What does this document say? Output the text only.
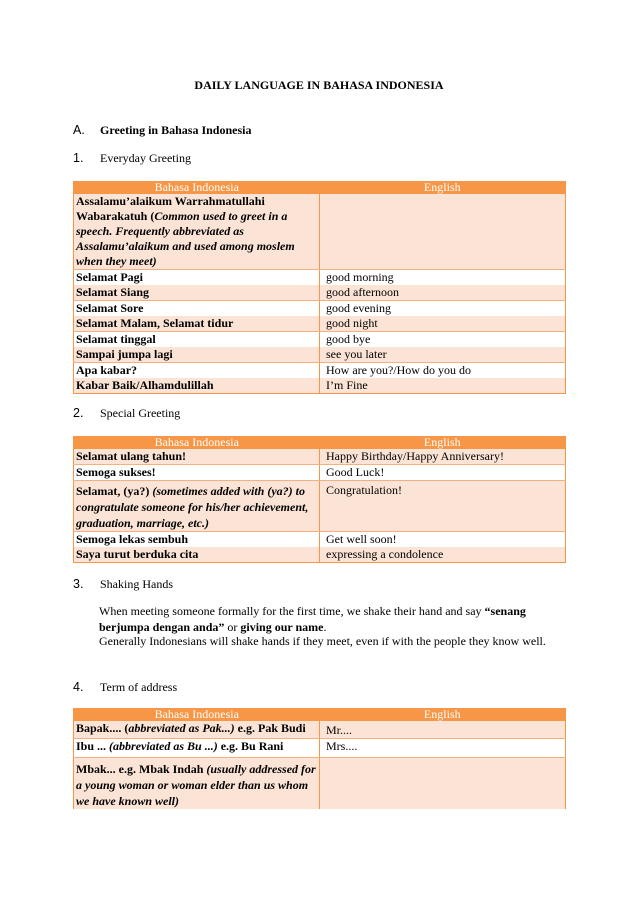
DAILY LANGUAGE IN BAHASA INDONESIA
A. Greeting in Bahasa Indonesia
1. Everyday Greeting
Bahasa Indonesia	English
Assalamu’alaikum Warrahmatullahi Wabarakatuh (Common used to greet in a speech. Frequently abbreviated as Assalamu’alaikum and used among moslem when they meet)	
Selamat Pagi	good morning
Selamat Siang	good afternoon
Selamat Sore	good evening
Selamat Malam, Selamat tidur	good night
Selamat tinggal	good bye
Sampai jumpa lagi	see you later
Apa kabar?	How are you?/How do you do
Kabar Baik/Alhamdulillah	I’m Fine
2. Special Greeting
Bahasa Indonesia	English
Selamat ulang tahun!	Happy Birthday/Happy Anniversary!
Semoga sukses!	Good Luck!
Selamat, (ya?) (sometimes added with (ya?) to congratulate someone for his/her achievement, graduation, marriage, etc.)	Congratulation!
Semoga lekas sembuh	Get well soon!
Saya turut berduka cita	expressing a condolence
3. Shaking Hands
When meeting someone formally for the first time, we shake their hand and say “senang berjumpa dengan anda” or giving our name.
Generally Indonesians will shake hands if they meet, even if with the people they know well.
4. Term of address
Bahasa Indonesia	English
Bapak.... (abbreviated as Pak...) e.g. Pak Budi	Mr....
Ibu ... (abbreviated as Bu ...) e.g. Bu Rani	Mrs....
Mbak... e.g. Mbak Indah (usually addressed for a young woman or woman elder than us whom we have known well)	
